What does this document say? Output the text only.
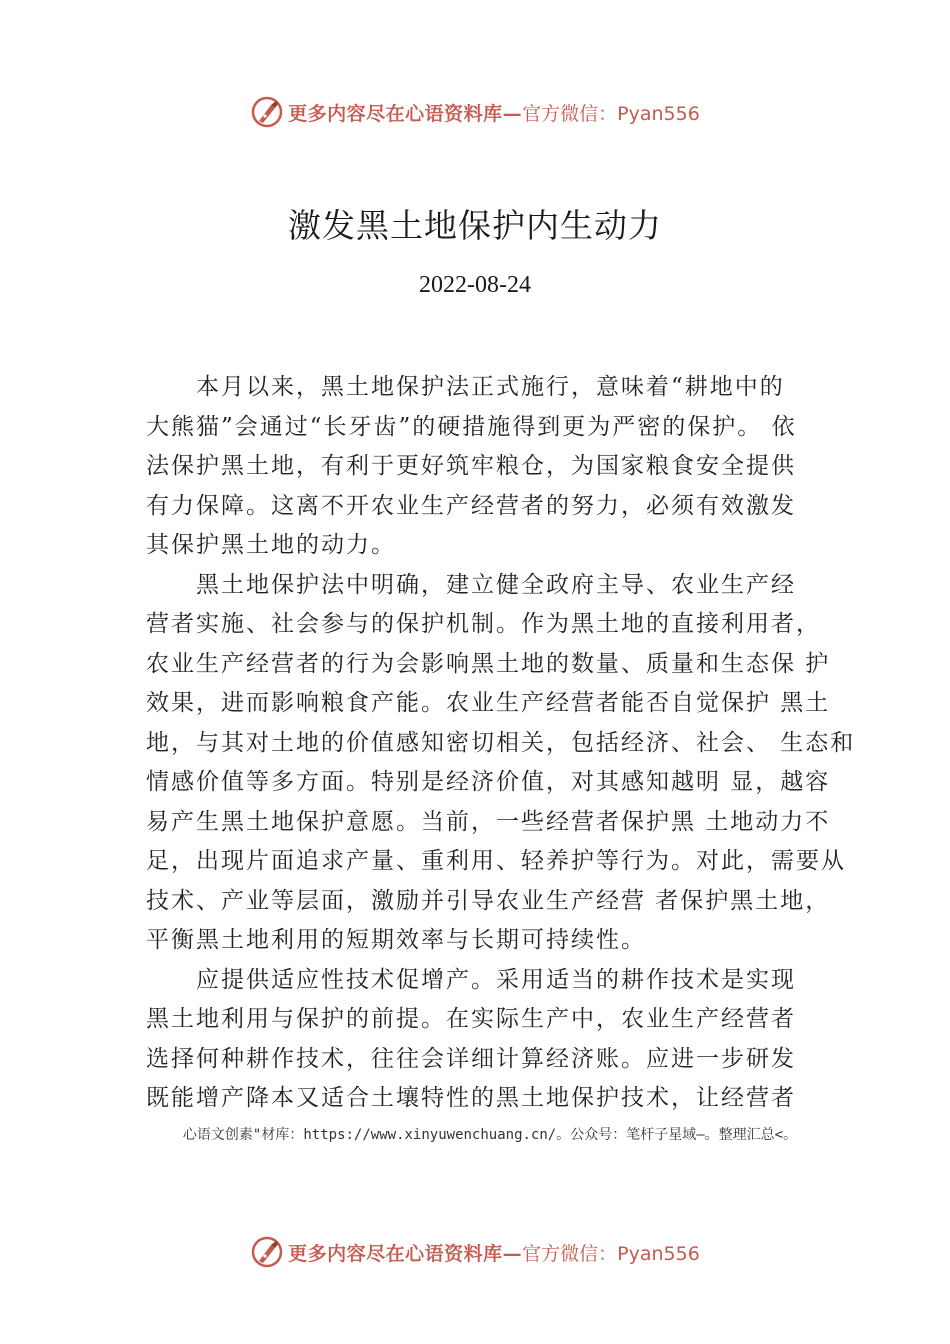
更多内容尽在心语资料库— 官方微信：Pyan556
激发黑土地保护内生动力
2022-08-24
本月以来，黑土地保护法正式施行，意味着“耕地中的
大熊猫”会通过“长牙齿”的硬措施得到更为严密的保护。 依
法保护黑土地，有利于更好筑牢粮仓，为国家粮食安全提供
有力保障。这离不开农业生产经营者的努力，必须有效激发
其保护黑土地的动力。
黑土地保护法中明确，建立健全政府主导、农业生产经
营者实施、社会参与的保护机制。作为黑土地的直接利用者，
农业生产经营者的行为会影响黑土地的数量、质量和生态保 护
效果，进而影响粮食产能。农业生产经营者能否自觉保护 黑土
地，与其对土地的价值感知密切相关，包括经济、社会、 生态和
情感价值等多方面。特别是经济价值，对其感知越明 显，越容
易产生黑土地保护意愿。当前，一些经营者保护黑 土地动力不
足，出现片面追求产量、重利用、轻养护等行为。对此，需要从
技术、产业等层面，激励并引导农业生产经营 者保护黑土地，
平衡黑土地利用的短期效率与长期可持续性。
应提供适应性技术促增产。采用适当的耕作技术是实现
黑土地利用与保护的前提。在实际生产中，农业生产经营者
选择何种耕作技术，往往会详细计算经济账。应进一步研发
既能增产降本又适合土壤特性的黑土地保护技术，让经营者
心语文创素"材库：https://www.xinyuwenchuang.cn/。公众号：笔杆子星域—。整理汇总<。
更多内容尽在心语资料库— 官方微信：Pyan556
